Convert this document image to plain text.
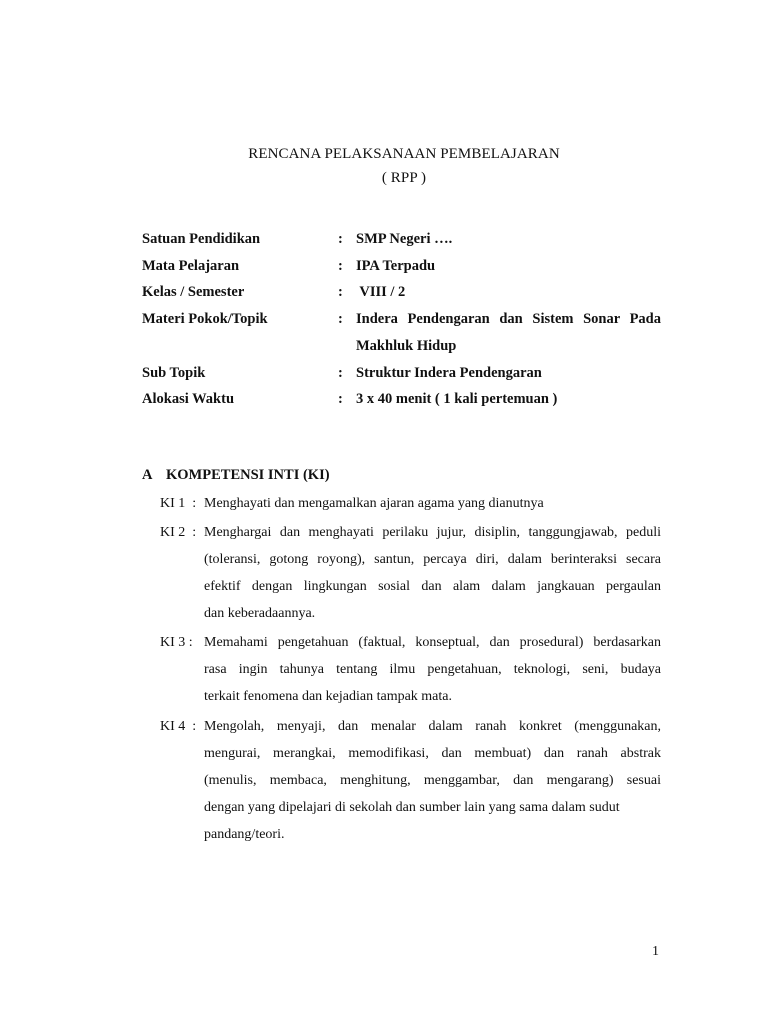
RENCANA PELAKSANAAN PEMBELAJARAN
( RPP )
Satuan Pendidikan	: SMP Negeri ….
Mata Pelajaran	: IPA Terpadu
Kelas / Semester	: VIII / 2
Materi Pokok/Topik	: Indera Pendengaran dan Sistem Sonar Pada
Makhluk Hidup
Sub Topik	: Struktur Indera Pendengaran
Alokasi Waktu	: 3 x 40 menit ( 1 kali pertemuan )
A KOMPETENSI INTI (KI)
KI 1  : Menghayati dan mengamalkan ajaran agama yang dianutnya
KI 2  : Menghargai dan menghayati perilaku jujur, disiplin, tanggungjawab, peduli
(toleransi, gotong royong), santun, percaya diri, dalam berinteraksi secara
efektif dengan lingkungan sosial dan alam dalam jangkauan pergaulan
dan keberadaannya.
KI 3 : Memahami pengetahuan (faktual, konseptual, dan prosedural) berdasarkan
rasa ingin tahunya tentang ilmu pengetahuan, teknologi, seni, budaya
terkait fenomena dan kejadian tampak mata.
KI 4  : Mengolah, menyaji, dan menalar dalam ranah konkret (menggunakan,
mengurai, merangkai, memodifikasi, dan membuat) dan ranah abstrak
(menulis, membaca, menghitung, menggambar, dan mengarang) sesuai
dengan yang dipelajari di sekolah dan sumber lain yang sama dalam sudut
pandang/teori.
1
